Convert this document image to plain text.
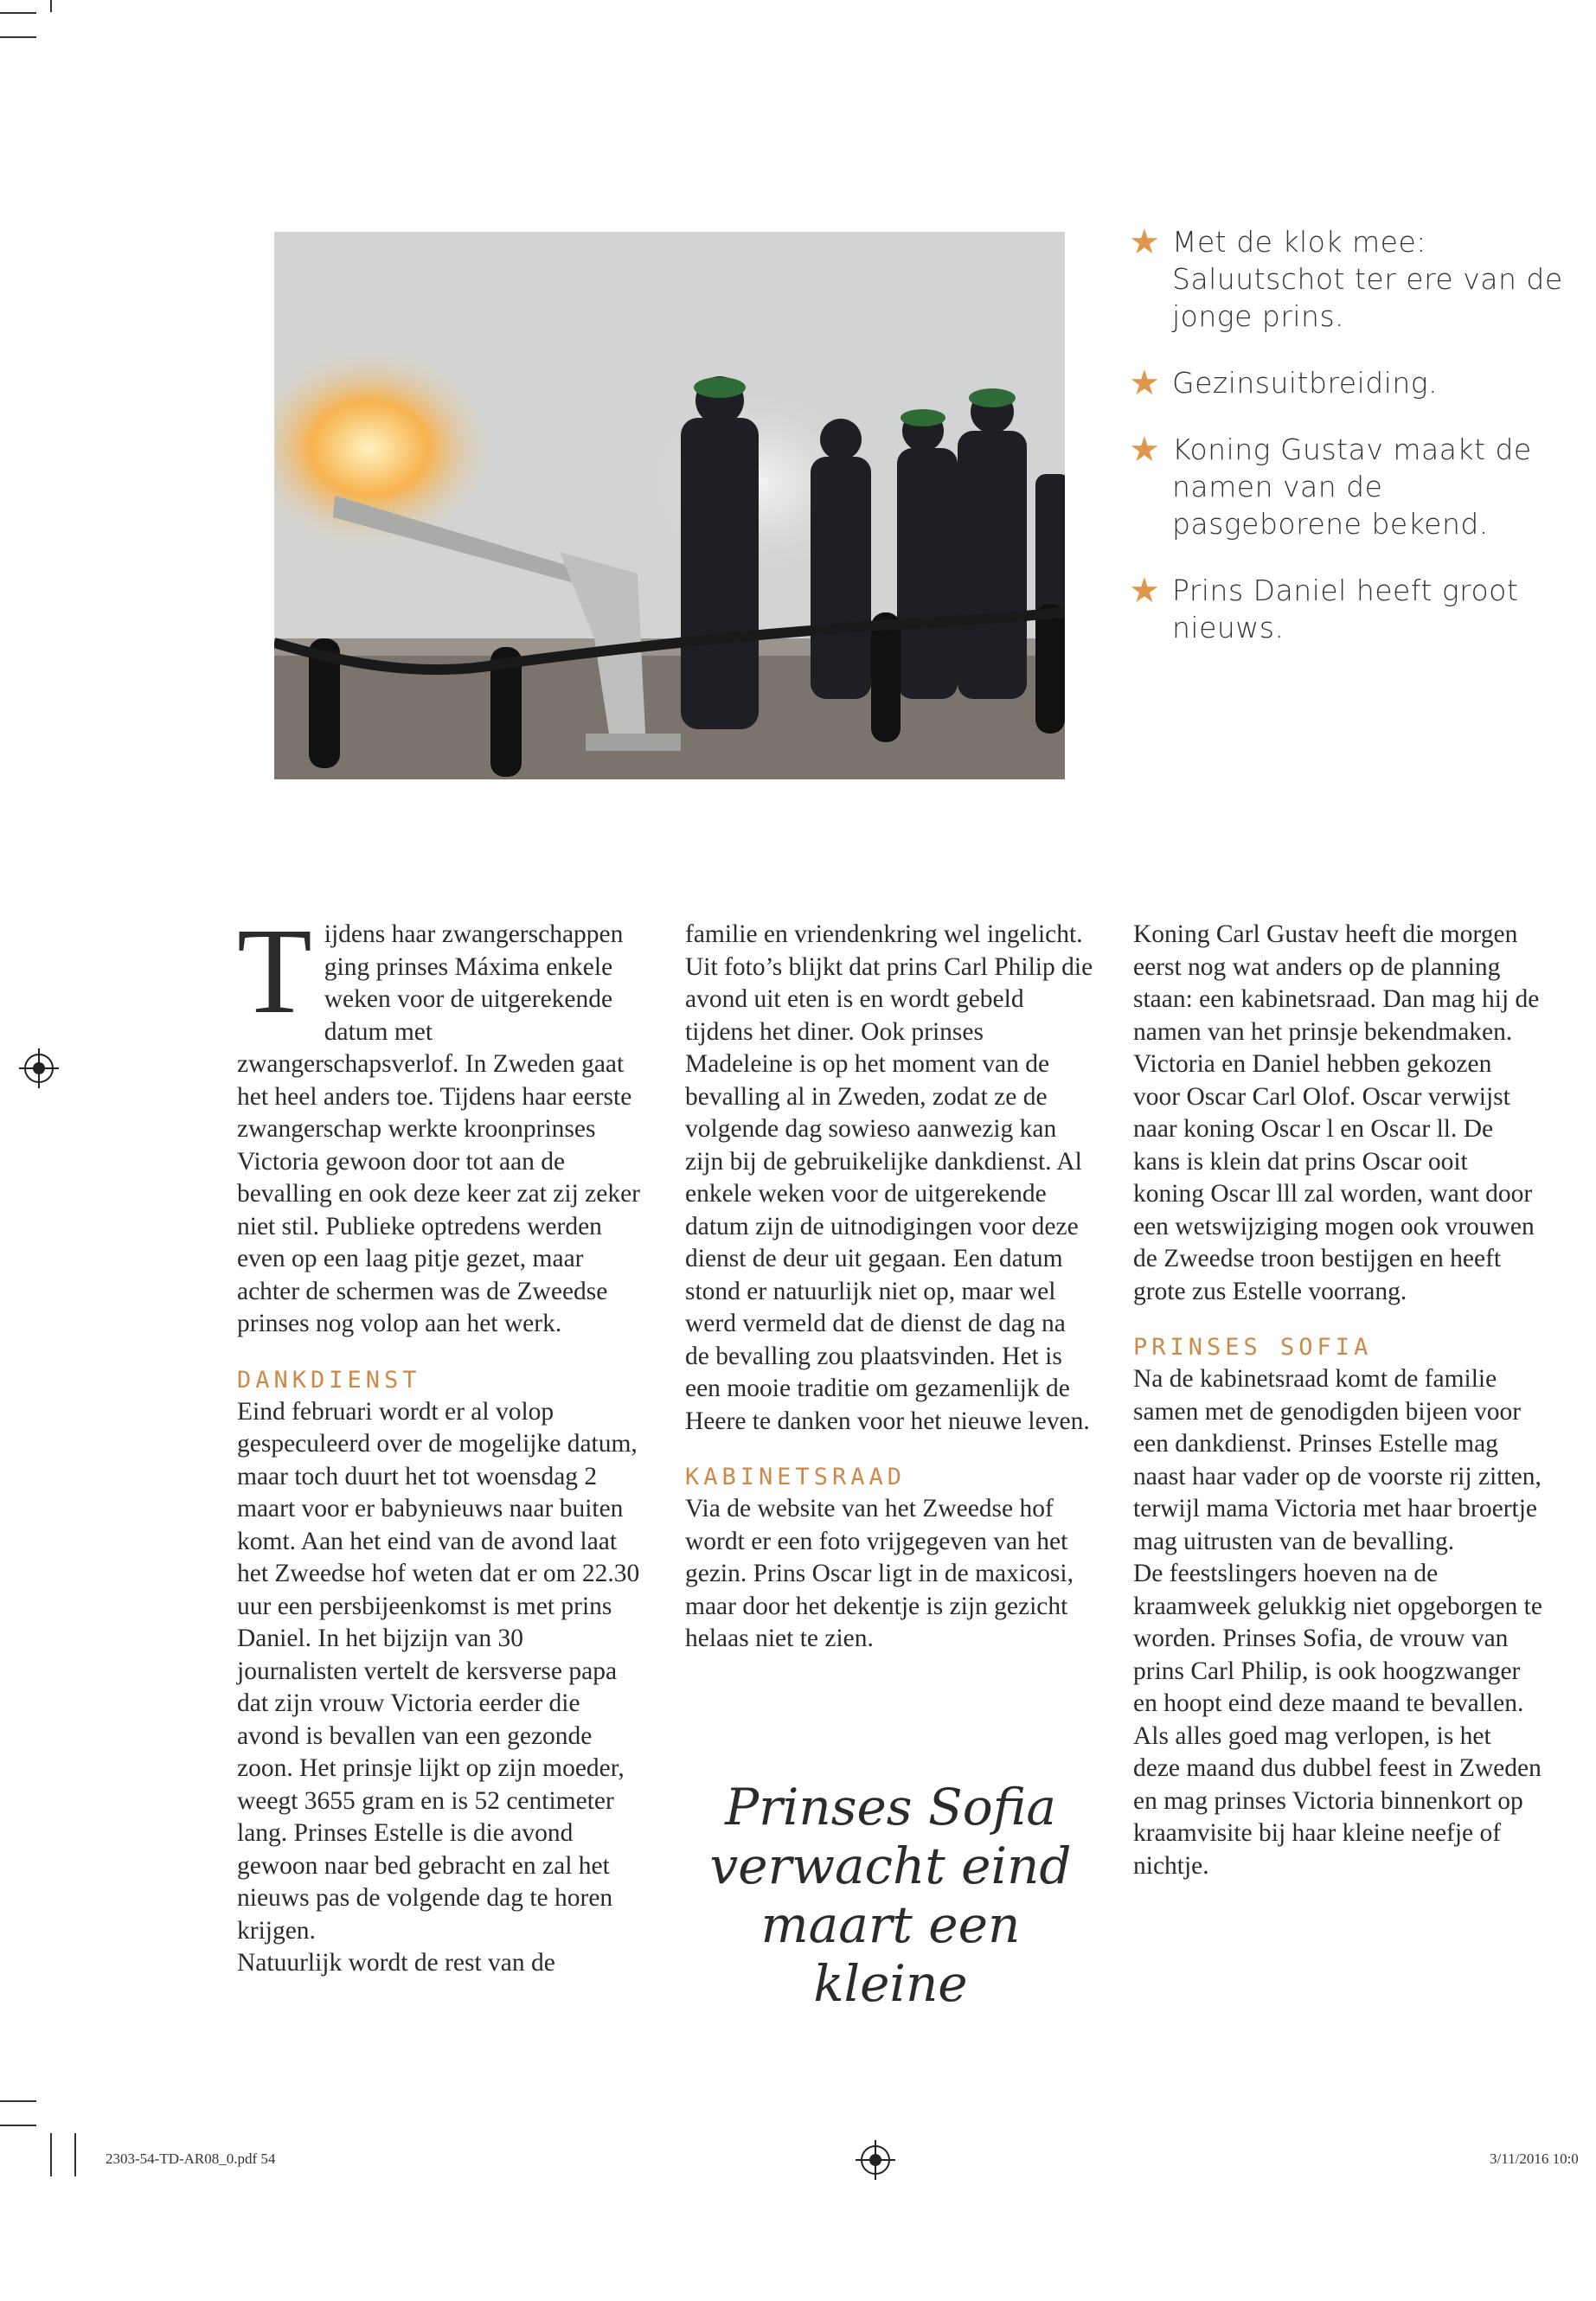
★ Met de klok mee: Saluutschot ter ere van de jonge prins.
★ Gezinsuitbreiding.
★ Koning Gustav maakt de namen van de pasgeborene bekend.
★ Prins Daniel heeft groot nieuws.

Tijdens haar zwangerschappen ging prinses Máxima enkele weken voor de uitgerekende datum met zwangerschapsverlof. In Zweden gaat het heel anders toe. Tijdens haar eerste zwangerschap werkte kroonprinses Victoria gewoon door tot aan de bevalling en ook deze keer zat zij zeker niet stil. Publieke optredens werden even op een laag pitje gezet, maar achter de schermen was de Zweedse prinses nog volop aan het werk.

DANKDIENST

Eind februari wordt er al volop gespeculeerd over de mogelijke datum, maar toch duurt het tot woensdag 2 maart voor er babynieuws naar buiten komt. Aan het eind van de avond laat het Zweedse hof weten dat er om 22.30 uur een persbijeenkomst is met prins Daniel. In het bijzijn van 30 journalisten vertelt de kersverse papa dat zijn vrouw Victoria eerder die avond is bevallen van een gezonde zoon. Het prinsje lijkt op zijn moeder, weegt 3655 gram en is 52 centimeter lang. Prinses Estelle is die avond gewoon naar bed gebracht en zal het nieuws pas de volgende dag te horen krijgen.

Natuurlijk wordt de rest van de

familie en vriendenkring wel ingelicht. Uit foto’s blijkt dat prins Carl Philip die avond uit eten is en wordt gebeld tijdens het diner. Ook prinses Madeleine is op het moment van de bevalling al in Zweden, zodat ze de volgende dag sowieso aanwezig kan zijn bij de gebruikelijke dankdienst. Al enkele weken voor de uitgerekende datum zijn de uitnodigingen voor deze dienst de deur uit gegaan. Een datum stond er natuurlijk niet op, maar wel werd vermeld dat de dienst de dag na de bevalling zou plaatsvinden. Het is een mooie traditie om gezamenlijk de Heere te danken voor het nieuwe leven.

KABINETSRAAD

Via de website van het Zweedse hof wordt er een foto vrijgegeven van het gezin. Prins Oscar ligt in de maxicosi, maar door het dekentje is zijn gezicht helaas niet te zien.

Prinses Sofia verwacht eind maart een kleine

Koning Carl Gustav heeft die morgen eerst nog wat anders op de planning staan: een kabinetsraad. Dan mag hij de namen van het prinsje bekendmaken. Victoria en Daniel hebben gekozen voor Oscar Carl Olof. Oscar verwijst naar koning Oscar l en Oscar ll. De kans is klein dat prins Oscar ooit koning Oscar lll zal worden, want door een wetswijziging mogen ook vrouwen de Zweedse troon bestijgen en heeft grote zus Estelle voorrang.

PRINSES SOFIA

Na de kabinetsraad komt de familie samen met de genodigden bijeen voor een dankdienst. Prinses Estelle mag naast haar vader op de voorste rij zitten, terwijl mama Victoria met haar broertje mag uitrusten van de bevalling.

De feestslingers hoeven na de kraamweek gelukkig niet opgeborgen te worden. Prinses Sofia, de vrouw van prins Carl Philip, is ook hoogzwanger en hoopt eind deze maand te bevallen. Als alles goed mag verlopen, is het deze maand dus dubbel feest in Zweden en mag prinses Victoria binnenkort op kraamvisite bij haar kleine neefje of nichtje.

2303-54-TD-AR08_0.pdf 54	3/11/2016 10:0
